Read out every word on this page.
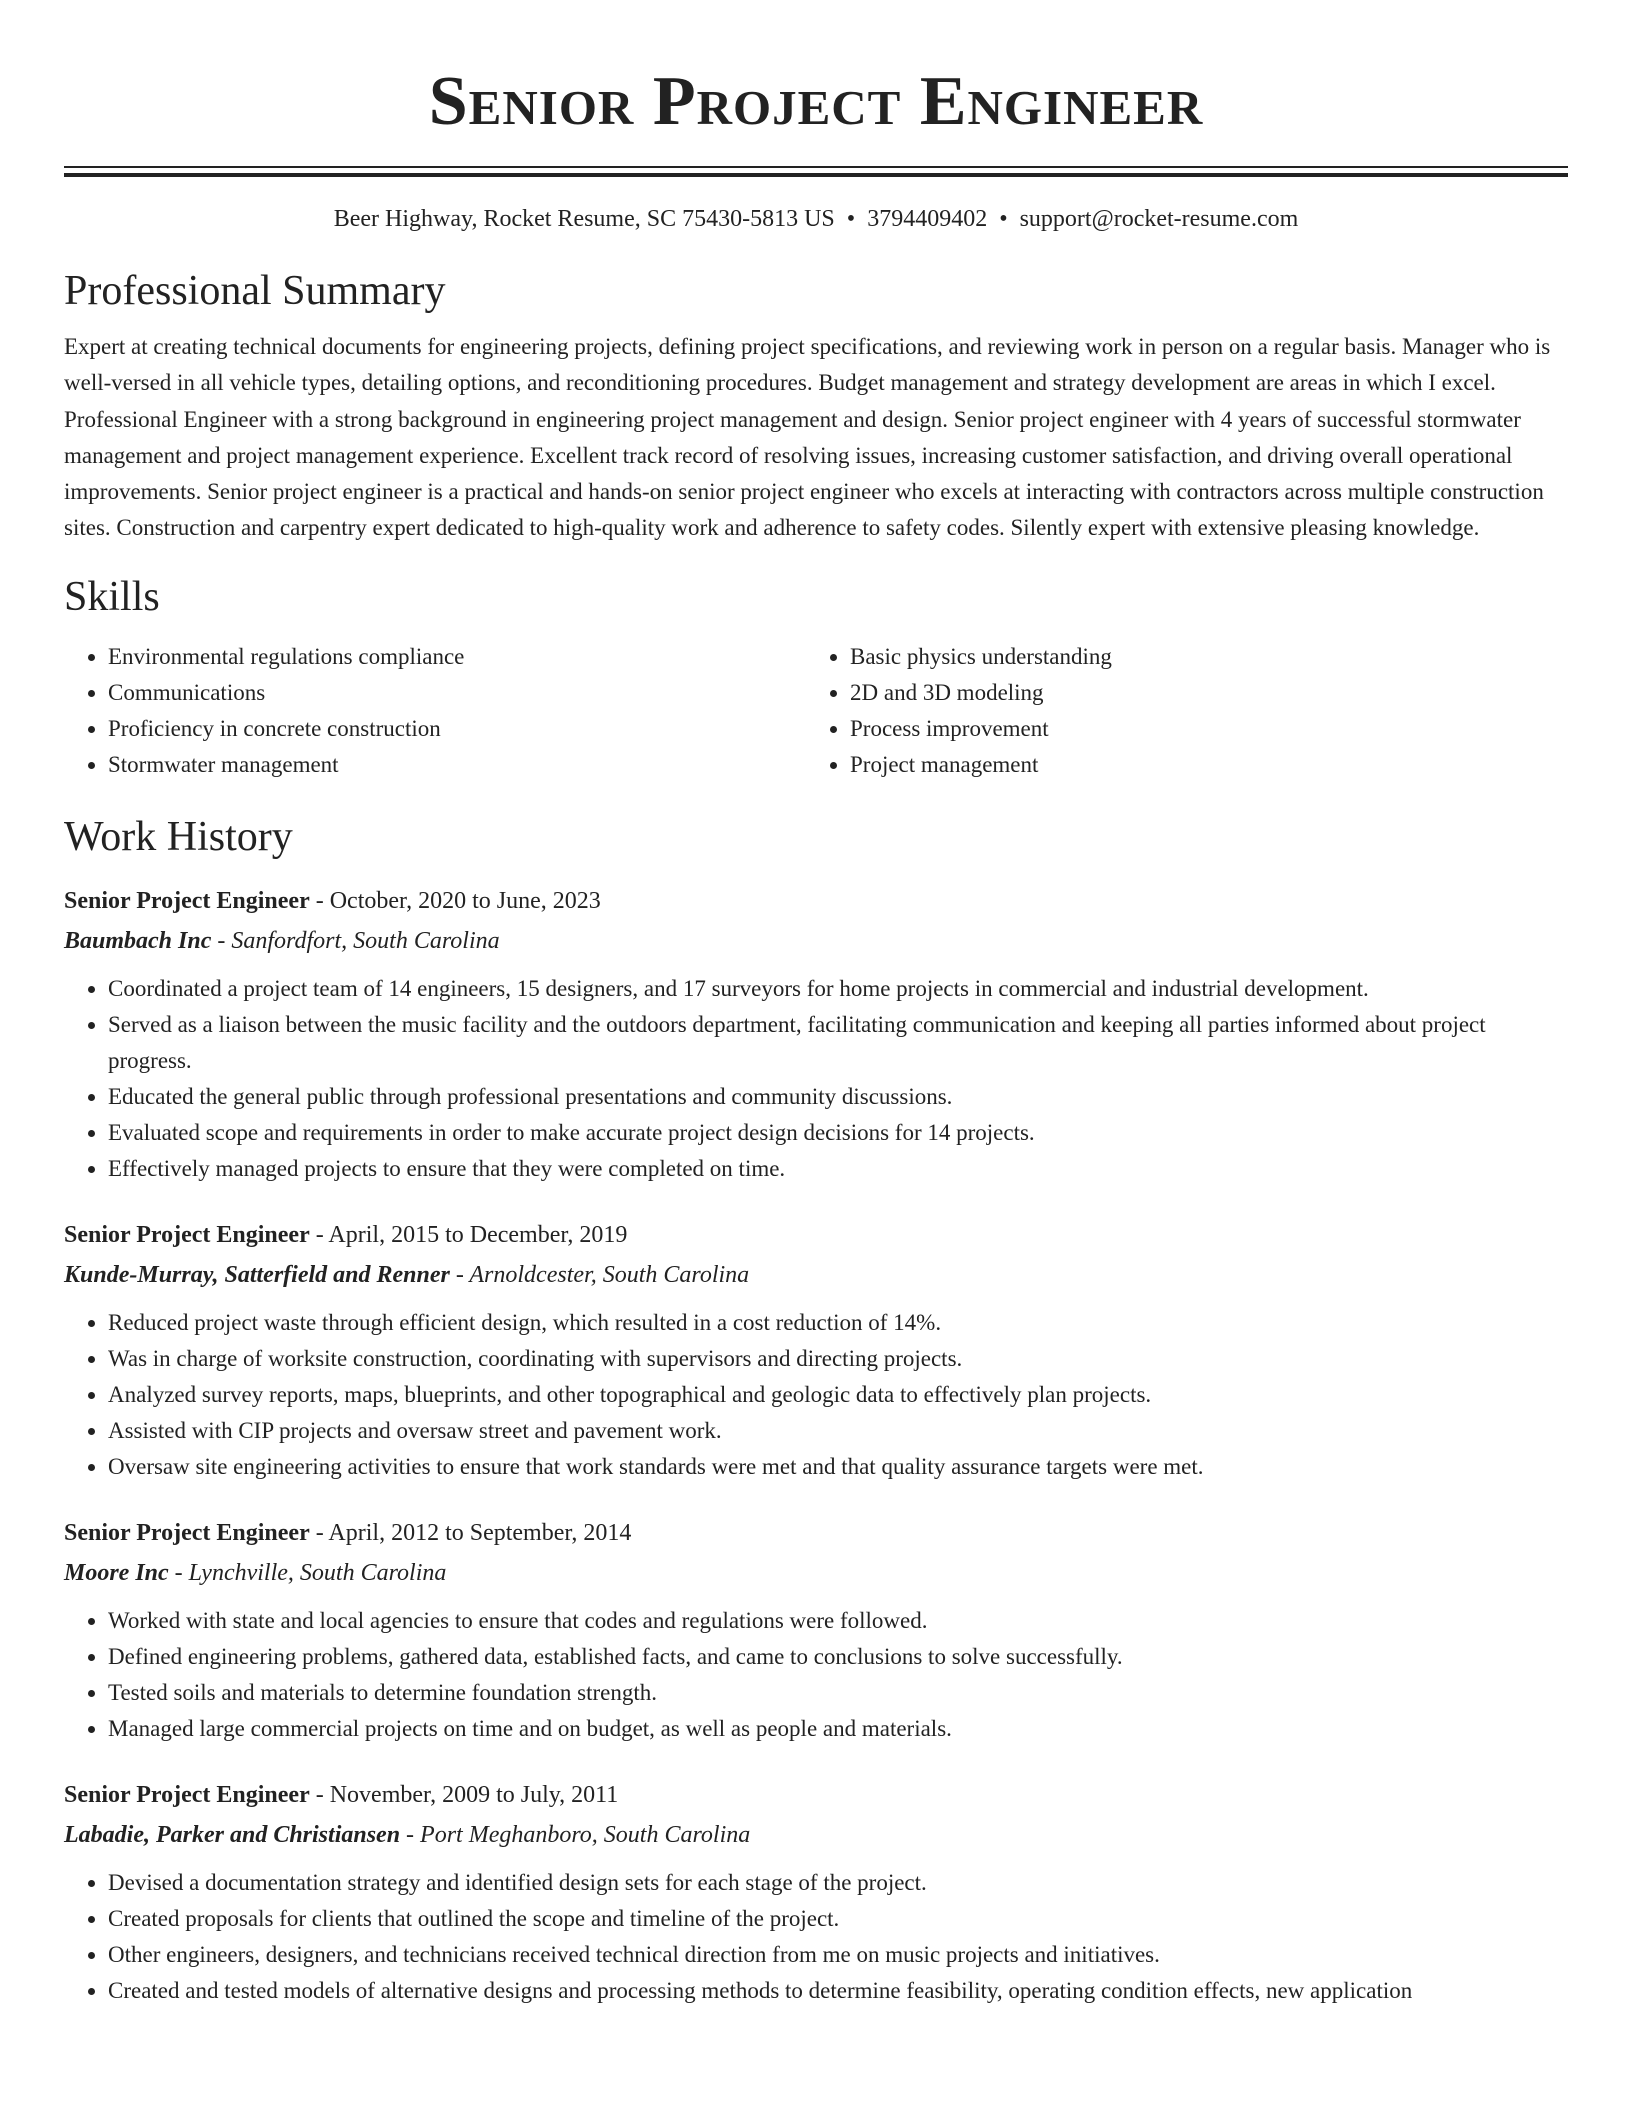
Senior Project Engineer
Beer Highway, Rocket Resume, SC 75430-5813 US • 3794409402 • support@rocket-resume.com
Professional Summary
Expert at creating technical documents for engineering projects, defining project specifications, and reviewing work in person on a regular basis. Manager who is well-versed in all vehicle types, detailing options, and reconditioning procedures. Budget management and strategy development are areas in which I excel. Professional Engineer with a strong background in engineering project management and design. Senior project engineer with 4 years of successful stormwater management and project management experience. Excellent track record of resolving issues, increasing customer satisfaction, and driving overall operational improvements. Senior project engineer is a practical and hands-on senior project engineer who excels at interacting with contractors across multiple construction sites. Construction and carpentry expert dedicated to high-quality work and adherence to safety codes. Silently expert with extensive pleasing knowledge.
Skills
• Environmental regulations compliance
• Communications
• Proficiency in concrete construction
• Stormwater management
• Basic physics understanding
• 2D and 3D modeling
• Process improvement
• Project management
Work History
Senior Project Engineer - October, 2020 to June, 2023
Baumbach Inc - Sanfordfort, South Carolina
• Coordinated a project team of 14 engineers, 15 designers, and 17 surveyors for home projects in commercial and industrial development.
• Served as a liaison between the music facility and the outdoors department, facilitating communication and keeping all parties informed about project progress.
• Educated the general public through professional presentations and community discussions.
• Evaluated scope and requirements in order to make accurate project design decisions for 14 projects.
• Effectively managed projects to ensure that they were completed on time.
Senior Project Engineer - April, 2015 to December, 2019
Kunde-Murray, Satterfield and Renner - Arnoldcester, South Carolina
• Reduced project waste through efficient design, which resulted in a cost reduction of 14%.
• Was in charge of worksite construction, coordinating with supervisors and directing projects.
• Analyzed survey reports, maps, blueprints, and other topographical and geologic data to effectively plan projects.
• Assisted with CIP projects and oversaw street and pavement work.
• Oversaw site engineering activities to ensure that work standards were met and that quality assurance targets were met.
Senior Project Engineer - April, 2012 to September, 2014
Moore Inc - Lynchville, South Carolina
• Worked with state and local agencies to ensure that codes and regulations were followed.
• Defined engineering problems, gathered data, established facts, and came to conclusions to solve successfully.
• Tested soils and materials to determine foundation strength.
• Managed large commercial projects on time and on budget, as well as people and materials.
Senior Project Engineer - November, 2009 to July, 2011
Labadie, Parker and Christiansen - Port Meghanboro, South Carolina
• Devised a documentation strategy and identified design sets for each stage of the project.
• Created proposals for clients that outlined the scope and timeline of the project.
• Other engineers, designers, and technicians received technical direction from me on music projects and initiatives.
• Created and tested models of alternative designs and processing methods to determine feasibility, operating condition effects, new application
